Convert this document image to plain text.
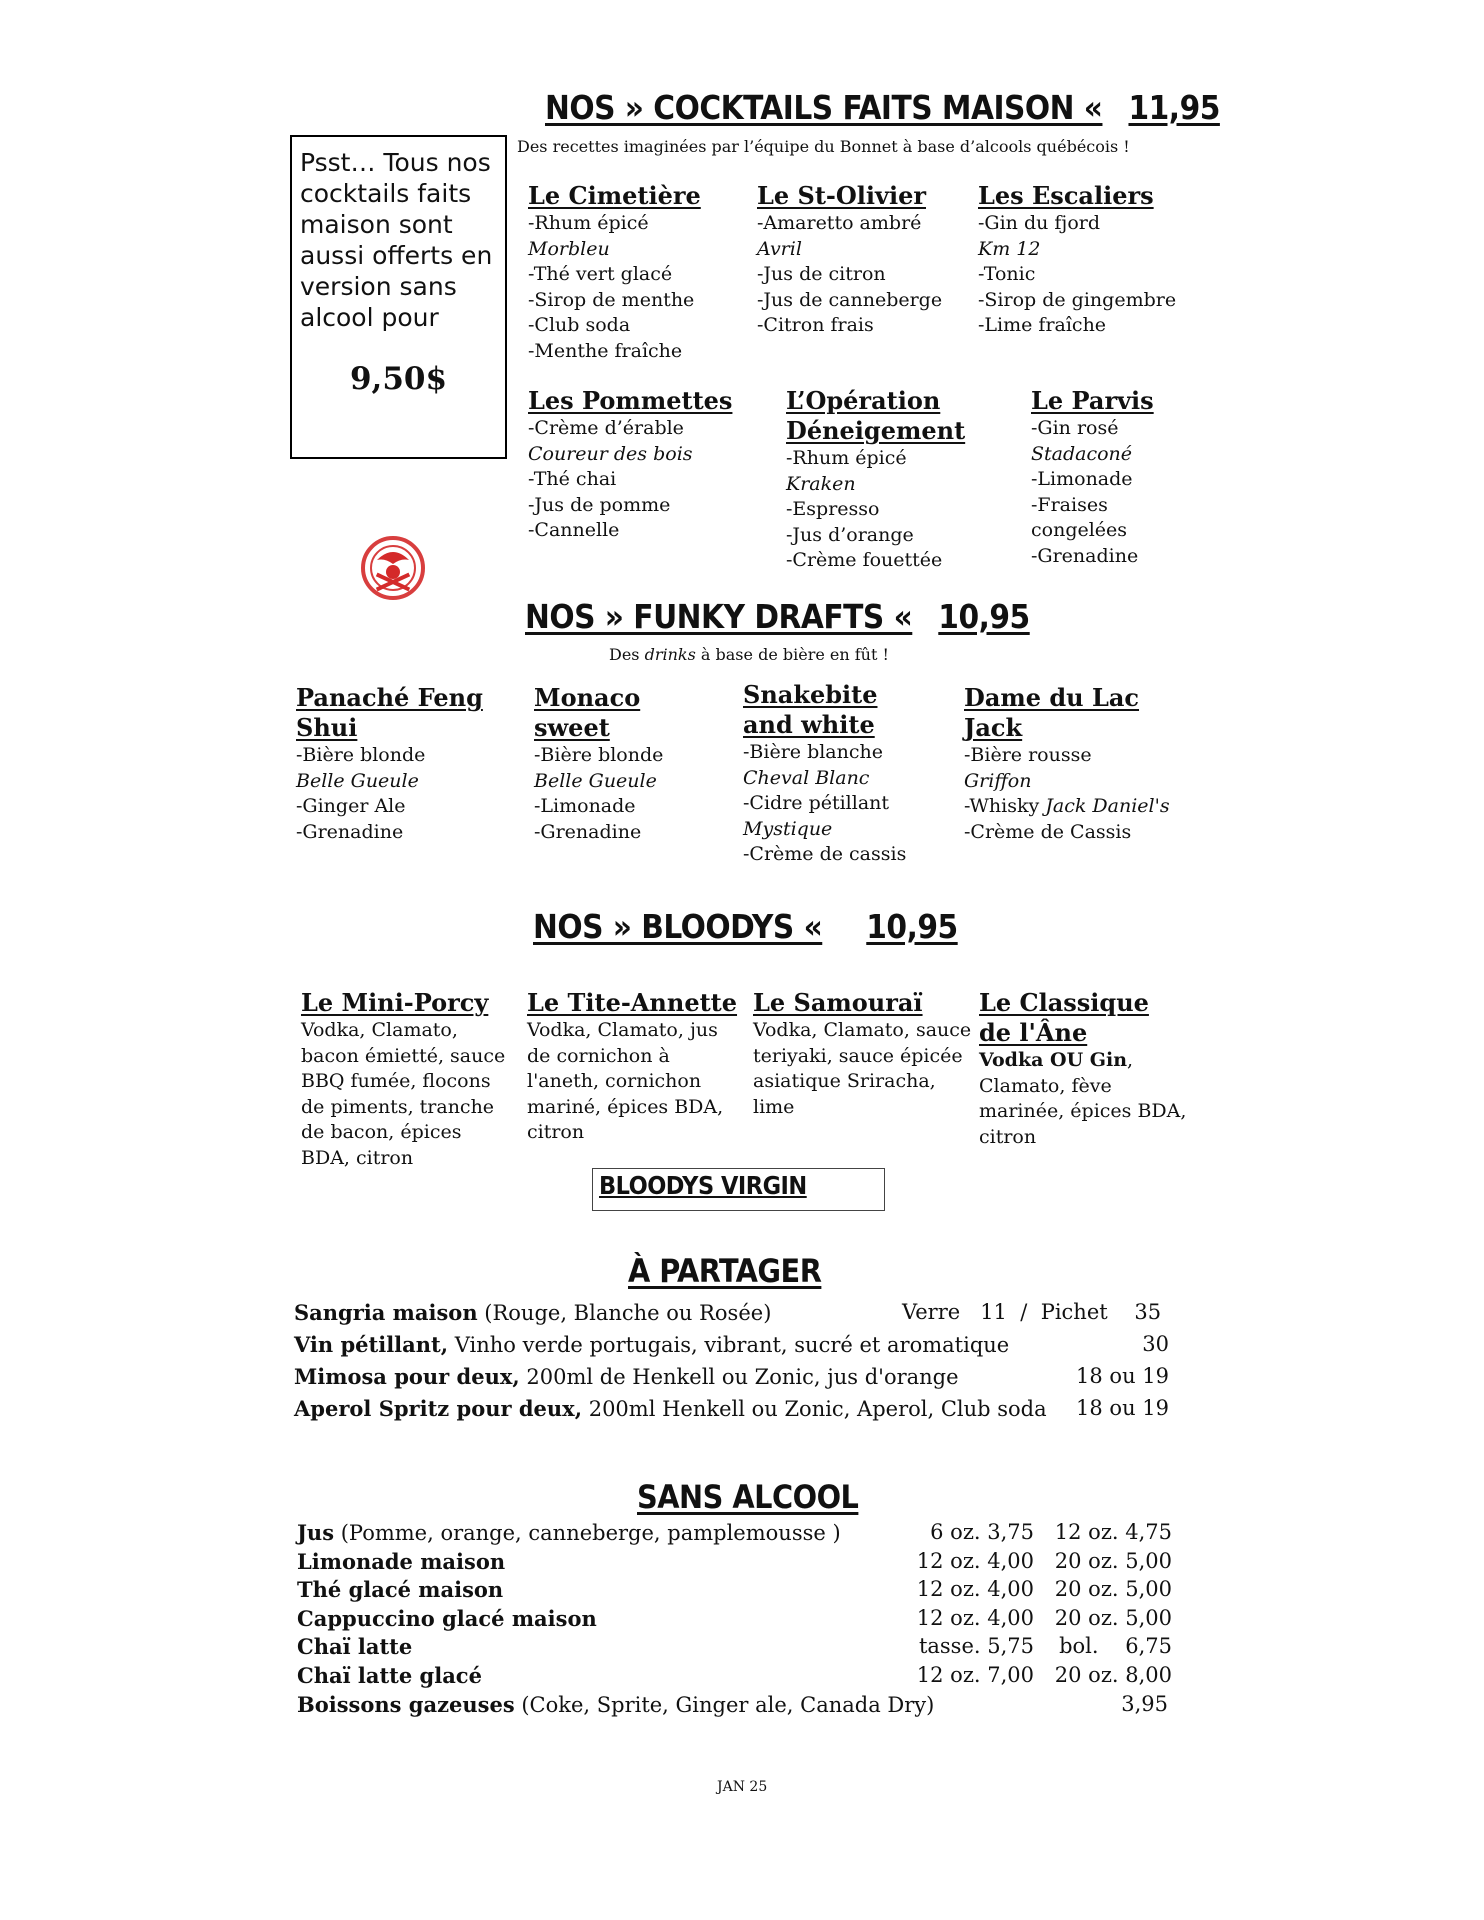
NOS » COCKTAILS FAITS MAISON « 11,95
Des recettes imaginées par l’équipe du Bonnet à base d’alcools québécois !

Psst… Tous nos cocktails faits maison sont aussi offerts en version sans alcool pour

9,50$
Le Cimetière
-Rhum épicé
Morbleu
-Thé vert glacé
-Sirop de menthe
-Club soda
-Menthe fraîche
Le St-Olivier
-Amaretto ambré
Avril
-Jus de citron
-Jus de canneberge
-Citron frais
Les Escaliers
-Gin du fjord
Km 12
-Tonic
-Sirop de gingembre
-Lime fraîche
Les Pommettes
-Crème d’érable
Coureur des bois
-Thé chai
-Jus de pomme
-Cannelle
L’Opération Déneigement
-Rhum épicé
Kraken
-Espresso
-Jus d’orange
-Crème fouettée
Le Parvis
-Gin rosé
Stadaconé
-Limonade
-Fraises congelées
-Grenadine
NOS » FUNKY DRAFTS « 10,95
Des drinks à base de bière en fût !
Panaché Feng Shui
-Bière blonde
Belle Gueule
-Ginger Ale
-Grenadine
Monaco sweet
-Bière blonde
Belle Gueule
-Limonade
-Grenadine
Snakebite and white
-Bière blanche
Cheval Blanc
-Cidre pétillant
Mystique
-Crème de cassis
Dame du Lac Jack
-Bière rousse
Griffon
-Whisky Jack Daniel's
-Crème de Cassis
NOS » BLOODYS « 10,95
Le Mini-Porcy
Vodka, Clamato, bacon émietté, sauce BBQ fumée, flocons de piments, tranche de bacon, épices BDA, citron
Le Tite-Annette
Vodka, Clamato, jus de cornichon à l'aneth, cornichon mariné, épices BDA, citron
Le Samouraï
Vodka, Clamato, sauce teriyaki, sauce épicée asiatique Sriracha, lime
Le Classique de l'Âne
Vodka OU Gin, Clamato, fève marinée, épices BDA, citron
BLOODYS VIRGIN
À PARTAGER
Sangria maison (Rouge, Blanche ou Rosée)	Verre   11  /  Pichet    35
Vin pétillant, Vinho verde portugais, vibrant, sucré et aromatique	30
Mimosa pour deux, 200ml de Henkell ou Zonic, jus d'orange	18 ou 19
Aperol Spritz pour deux, 200ml Henkell ou Zonic, Aperol, Club soda 18 ou 19
SANS ALCOOL
Jus (Pomme, orange, canneberge, pamplemousse )	6 oz. 3,75 12 oz. 4,75
Limonade maison	12 oz. 4,00 20 oz. 5,00
Thé glacé maison	12 oz. 4,00 20 oz. 5,00
Cappuccino glacé maison	12 oz. 4,00 20 oz. 5,00
Chaï latte	tasse. 5,75 bol.    6,75
Chaï latte glacé	12 oz. 7,00 20 oz. 8,00
Boissons gazeuses (Coke, Sprite, Ginger ale, Canada Dry)	3,95
JAN 25
